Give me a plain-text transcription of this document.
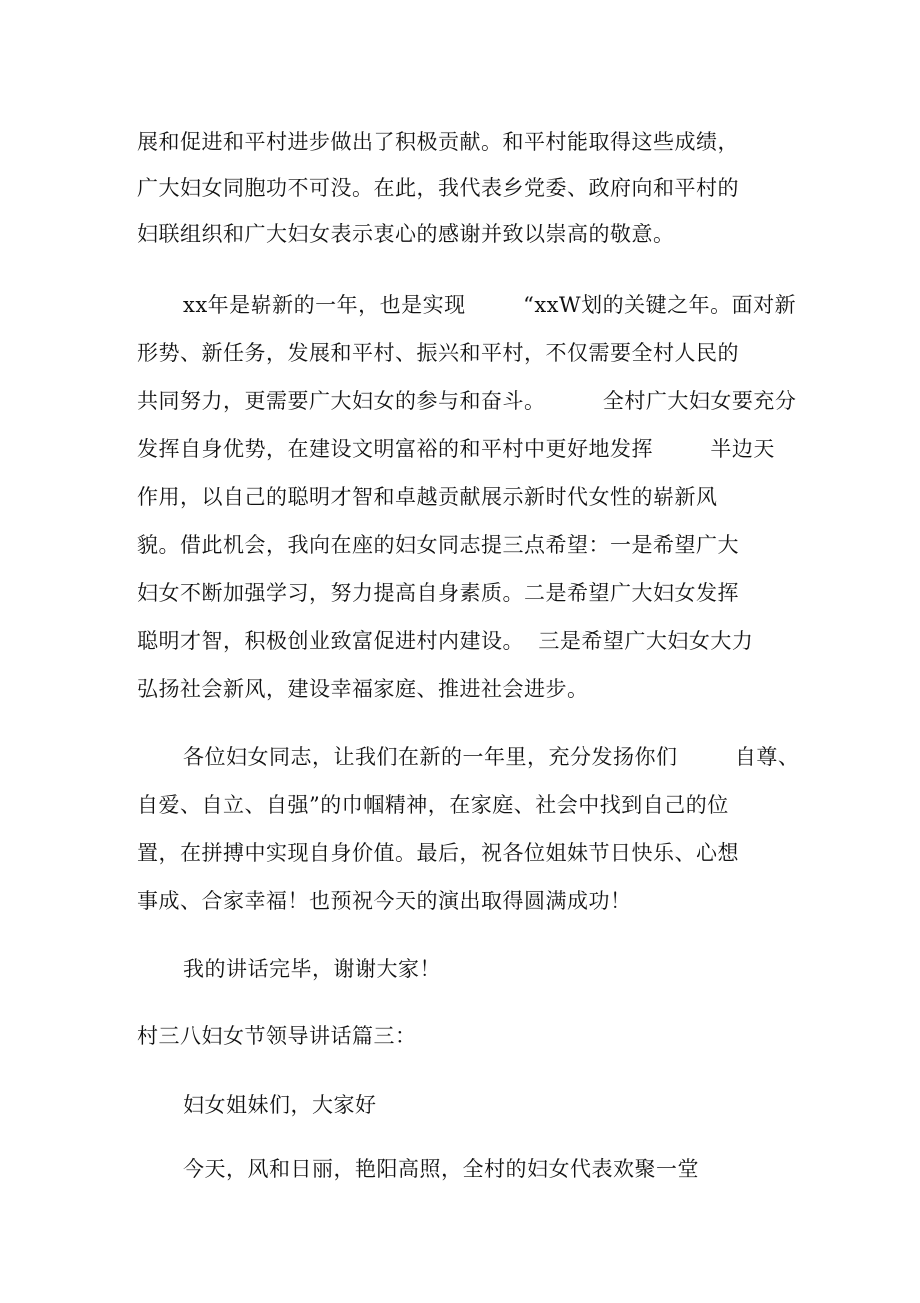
展和促进和平村进步做出了积极贡献。和平村能取得这些成绩，
广大妇女同胞功不可没。在此，我代表乡党委、政府向和平村的
妇联组织和广大妇女表示衷心的感谢并致以崇高的敬意。
xx年是崭新的一年，也是实现        “xxW划的关键之年。面对新
形势、新任务，发展和平村、振兴和平村，不仅需要全村人民的
共同努力，更需要广大妇女的参与和奋斗。        全村广大妇女要充分
发挥自身优势，在建设文明富裕的和平村中更好地发挥        半边天
作用，以自己的聪明才智和卓越贡献展示新时代女性的崭新风
貌。借此机会，我向在座的妇女同志提三点希望：一是希望广大
妇女不断加强学习，努力提高自身素质。二是希望广大妇女发挥
聪明才智，积极创业致富促进村内建设。  三是希望广大妇女大力
弘扬社会新风，建设幸福家庭、推进社会进步。
各位妇女同志，让我们在新的一年里，充分发扬你们        自尊、
自爱、自立、自强”的巾帼精神，在家庭、社会中找到自己的位
置，在拼搏中实现自身价值。最后，祝各位姐妹节日快乐、心想
事成、合家幸福！也预祝今天的演出取得圆满成功！
我的讲话完毕，谢谢大家！
村三八妇女节领导讲话篇三：
妇女姐妹们，大家好
今天，风和日丽，艳阳高照，全村的妇女代表欢聚一堂
